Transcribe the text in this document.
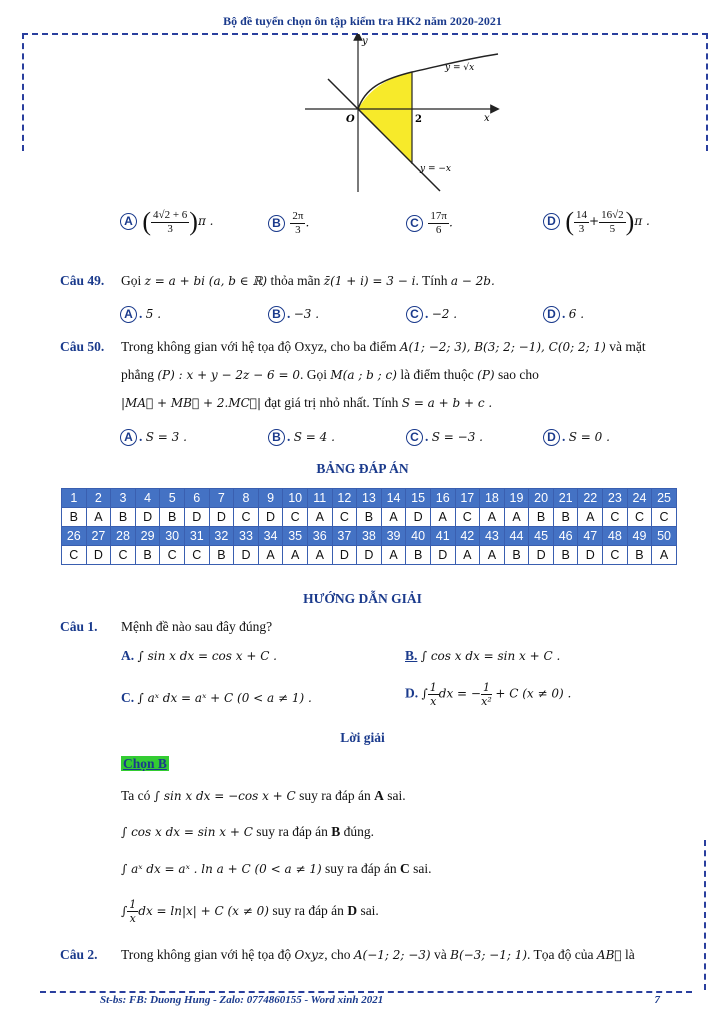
Bộ đề tuyển chọn ôn tập kiểm tra HK2 năm 2020-2021
St-bs: FB: Duong Hung - Zalo: 0774860155 - Word xinh 2021	7
y
x
O	2
y = √x
y = −x
A ( $\frac{4√2 + 6}{3} )\pi$ .	B $\frac{2\pi}{3}$ .	C $\frac{17\pi}{6}$ .	D ( $\frac{14}{3} + \frac{16√2}{5} )\pi$ .
Câu 49. Gọi z = a + bi (a, b ∈ ℝ) thỏa mãn z̄(1 + i) = 3 − i. Tính a − 2b.
A . 5 .	B . −3 .	C . −2 .	D . 6 .
Câu 50. Trong không gian với hệ tọa độ Oxyz, cho ba điểm A(1; −2; 3), B(3; 2; −1), C(0; 2; 1) và mặt
phẳng (P) : x + y − 2z − 6 = 0. Gọi M(a ; b ; c) là điểm thuộc (P) sao cho
|MA⃗ + MB⃗ + 2.MC⃗| đạt giá trị nhỏ nhất. Tính S = a + b + c .
A . S = 3 .	B . S = 4 .	C . S = −3 .	D . S = 0 .
BẢNG ĐÁP ÁN
1	2	3	4	5	6	7	8	9	10	11	12	13	14	15	16	17	18	19	20	21	22	23	24	25
B	A	B	D	B	D	D	C	D	C	A	C	B	A	D	A	C	A	A	B	B	A	C	C	C
26	27	28	29	30	31	32	33	34	35	36	37	38	39	40	41	42	43	44	45	46	47	48	49	50
C	D	C	B	C	C	B	D	A	A	A	D	D	A	B	D	A	A	B	D	B	D	C	B	A
HƯỚNG DẪN GIẢI
Câu 1. Mệnh đề nào sau đây đúng?
A. ∫ sin x dx = cos x + C .	B. ∫ cos x dx = sin x + C .
C. ∫ aˣ dx = aˣ + C (0 < a ≠ 1) .	D. ∫ $\frac{1}{x}$ dx = − $\frac{1}{\text{x²}} + C$ (x ≠ 0) .
Lời giải
Chọn B
Ta có ∫ sin x dx = −cos x + C suy ra đáp án A sai.
∫ cos x dx = sin x + C suy ra đáp án B đúng.
∫ aˣ dx = aˣ . ln a + C (0 < a ≠ 1) suy ra đáp án C sai.
∫ $\frac{1}{x}$ dx = ln|x| + C (x ≠ 0) suy ra đáp án D sai.
Câu 2. Trong không gian với hệ tọa độ Oxyz, cho A(−1; 2; −3) và B(−3; −1; 1). Tọa độ của AB⃗ là
